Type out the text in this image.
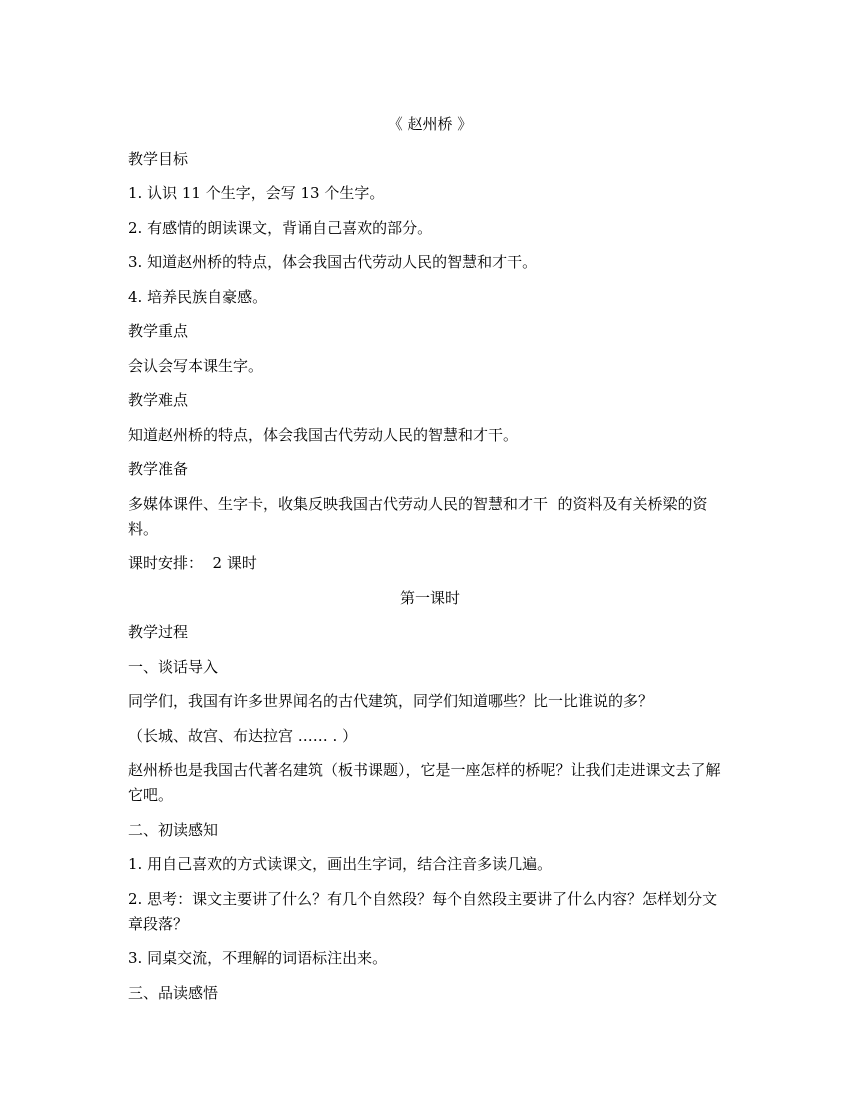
《 赵州桥 》

教学目标

1. 认识 11 个生字，会写 13 个生字。

2. 有感情的朗读课文，背诵自己喜欢的部分。

3. 知道赵州桥的特点，体会我国古代劳动人民的智慧和才干。

4. 培养民族自豪感。

教学重点

会认会写本课生字。

教学难点

知道赵州桥的特点，体会我国古代劳动人民的智慧和才干。

教学准备

多媒体课件、生字卡，收集反映我国古代劳动人民的智慧和才干  的资料及有关桥梁的资料。

课时安排：  2 课时

第一课时

教学过程

一、谈话导入

同学们，我国有许多世界闻名的古代建筑，同学们知道哪些？比一比谁说的多？

（长城、故宫、布达拉宫 …… . ）

赵州桥也是我国古代著名建筑（板书课题），它是一座怎样的桥呢？让我们走进课文去了解它吧。

二、初读感知

1. 用自己喜欢的方式读课文，画出生字词，结合注音多读几遍。

2. 思考：课文主要讲了什么？有几个自然段？每个自然段主要讲了什么内容？怎样划分文章段落？

3. 同桌交流，不理解的词语标注出来。

三、品读感悟
